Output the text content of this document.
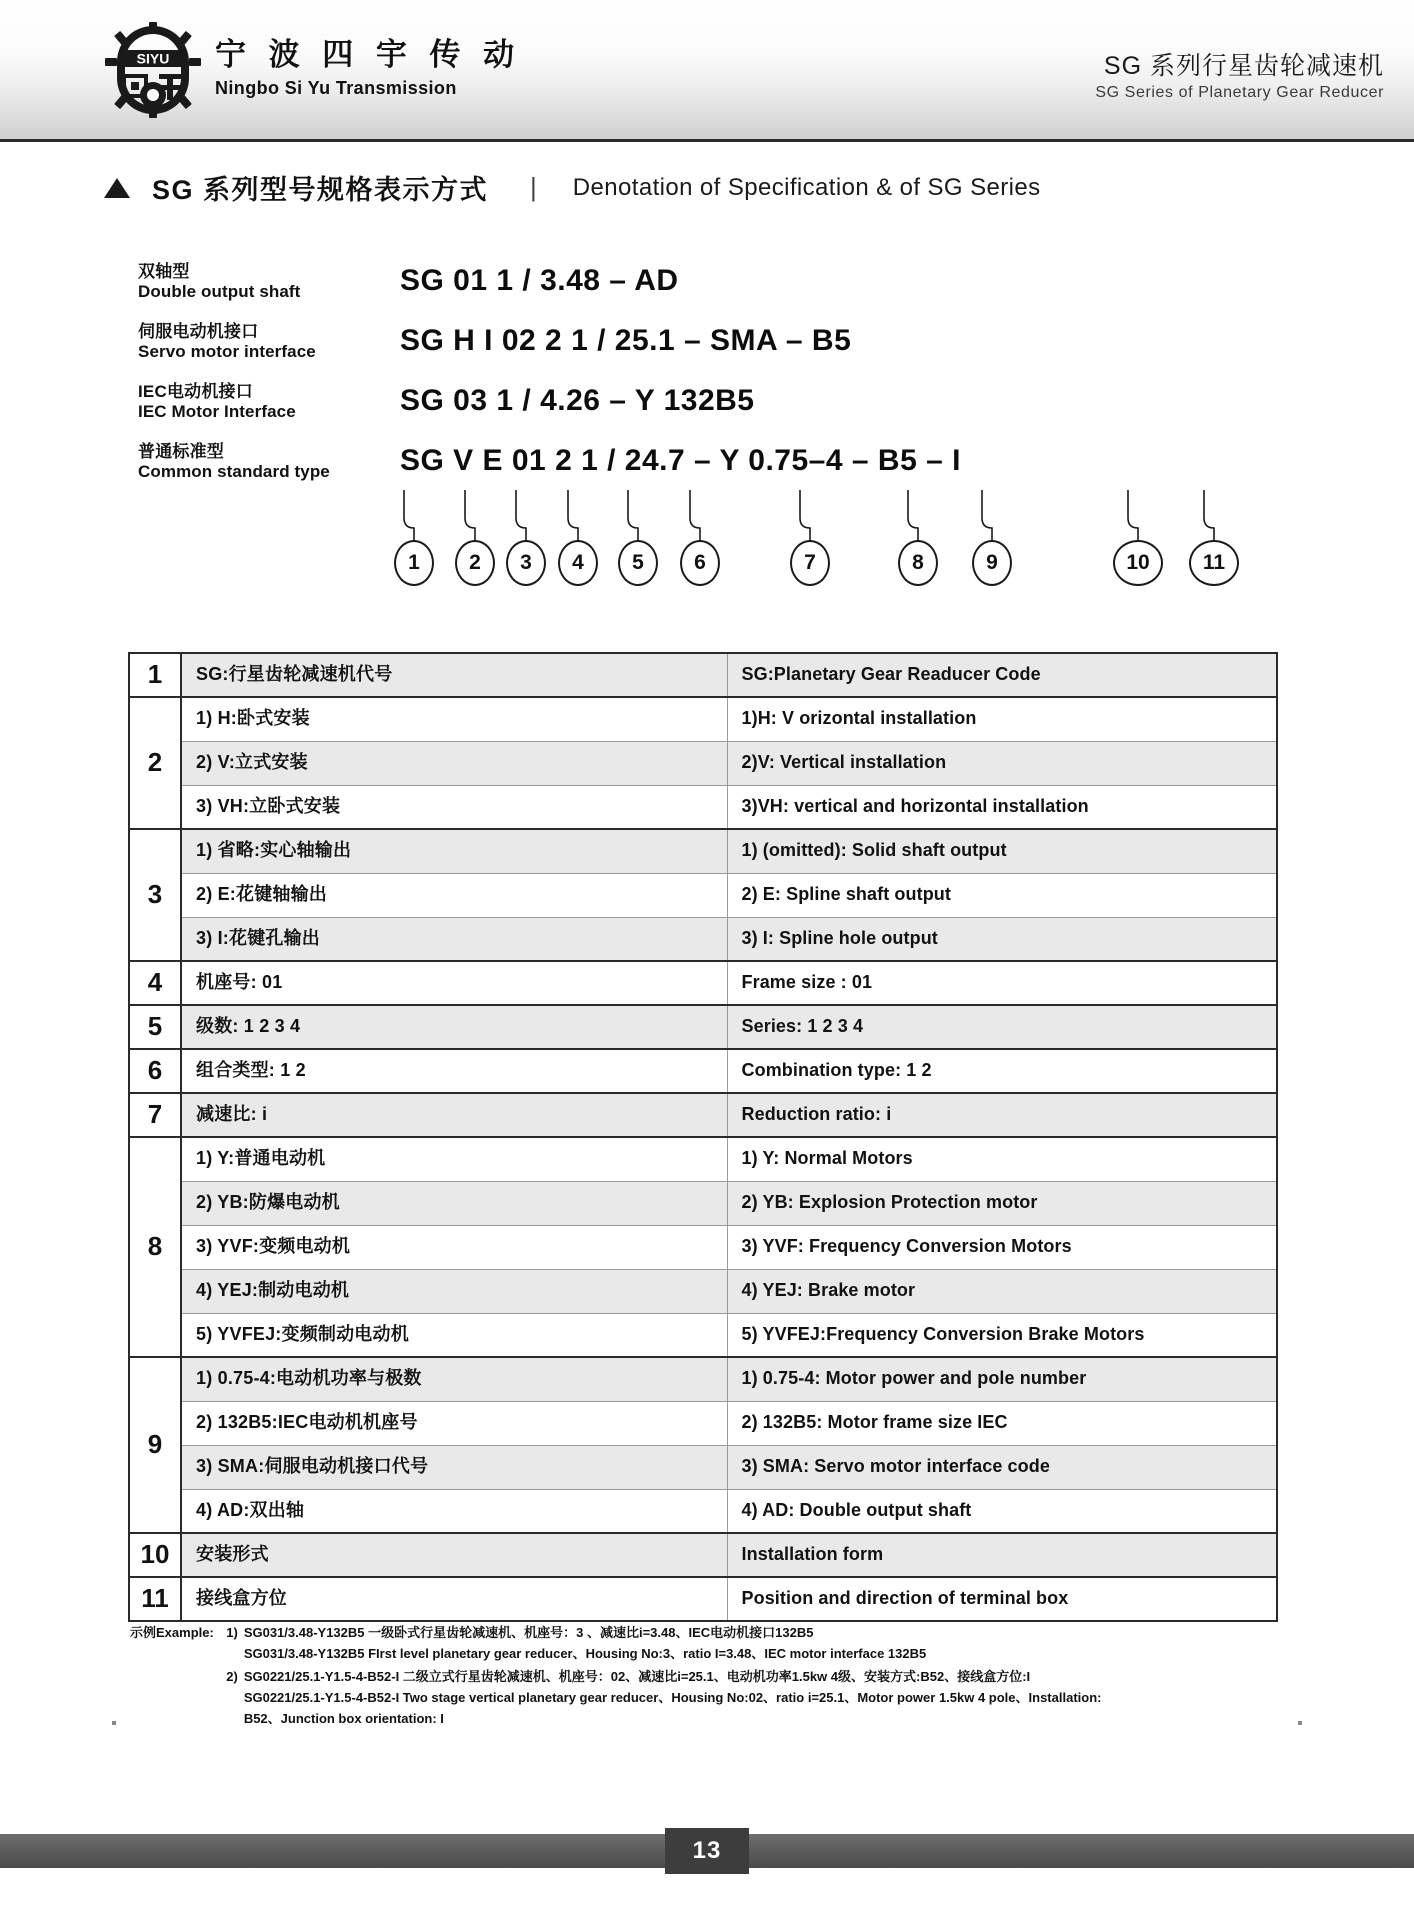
SIYU 宁 波 四 宇 传 动
Ningbo Si Yu Transmission
SG 系列行星齿轮减速机
SG Series of Planetary Gear Reducer
SG 系列型号规格表示方式 | Denotation of Specification & of SG Series
双轴型
Double output shaft	SG 01 1 / 3.48 – AD
伺服电动机接口
Servo motor interface	SG H I 02 2 1 / 25.1 – SMA – B5
IEC电动机接口
IEC Motor Interface	SG 03 1 / 4.26 – Y 132B5
普通标准型
Common standard type	SG V E 01 2 1 / 24.7 – Y 0.75–4 – B5 – I
1	2	3	4	5	6	7	8	9	10	11
1	SG:行星齿轮减速机代号	SG:Planetary Gear Readucer Code
2	1) H:卧式安装	1)H: V orizontal installation
	2) V:立式安装	2)V: Vertical installation
	3) VH:立卧式安装	3)VH: vertical and horizontal installation
3	1) 省略:实心轴输出	1) (omitted): Solid shaft output
	2) E:花键轴输出	2) E: Spline shaft output
	3) I:花键孔输出	3) I: Spline hole output
4	机座号: 01	Frame size : 01
5	级数: 1 2 3 4	Series: 1 2 3 4
6	组合类型: 1 2	Combination type: 1 2
7	减速比: i	Reduction ratio: i
8	1) Y:普通电动机	1) Y: Normal Motors
	2) YB:防爆电动机	2) YB: Explosion Protection motor
	3) YVF:变频电动机	3) YVF: Frequency Conversion Motors
	4) YEJ:制动电动机	4) YEJ: Brake motor
	5) YVFEJ:变频制动电动机	5) YVFEJ:Frequency Conversion Brake Motors
9	1) 0.75-4:电动机功率与极数	1) 0.75-4: Motor power and pole number
	2) 132B5:IEC电动机机座号	2) 132B5: Motor frame size IEC
	3) SMA:伺服电动机接口代号	3) SMA: Servo motor interface code
	4) AD:双出轴	4) AD: Double output shaft
10	安装形式	Installation form
11	接线盒方位	Position and direction of terminal box
示例Example: 1) SG031/3.48-Y132B5 一级卧式行星齿轮减速机、机座号：3 、减速比i=3.48、IEC电动机接口132B5
SG031/3.48-Y132B5 FIrst level planetary gear reducer、Housing No:3、ratio I=3.48、IEC motor interface 132B5
2) SG0221/25.1-Y1.5-4-B52-I 二级立式行星齿轮减速机、机座号：02、减速比i=25.1、电动机功率1.5kw 4级、安装方式:B52、接线盒方位:I
SG0221/25.1-Y1.5-4-B52-I Two stage vertical planetary gear reducer、Housing No:02、ratio i=25.1、Motor power 1.5kw 4 pole、Installation:
B52、Junction box orientation: I
13
